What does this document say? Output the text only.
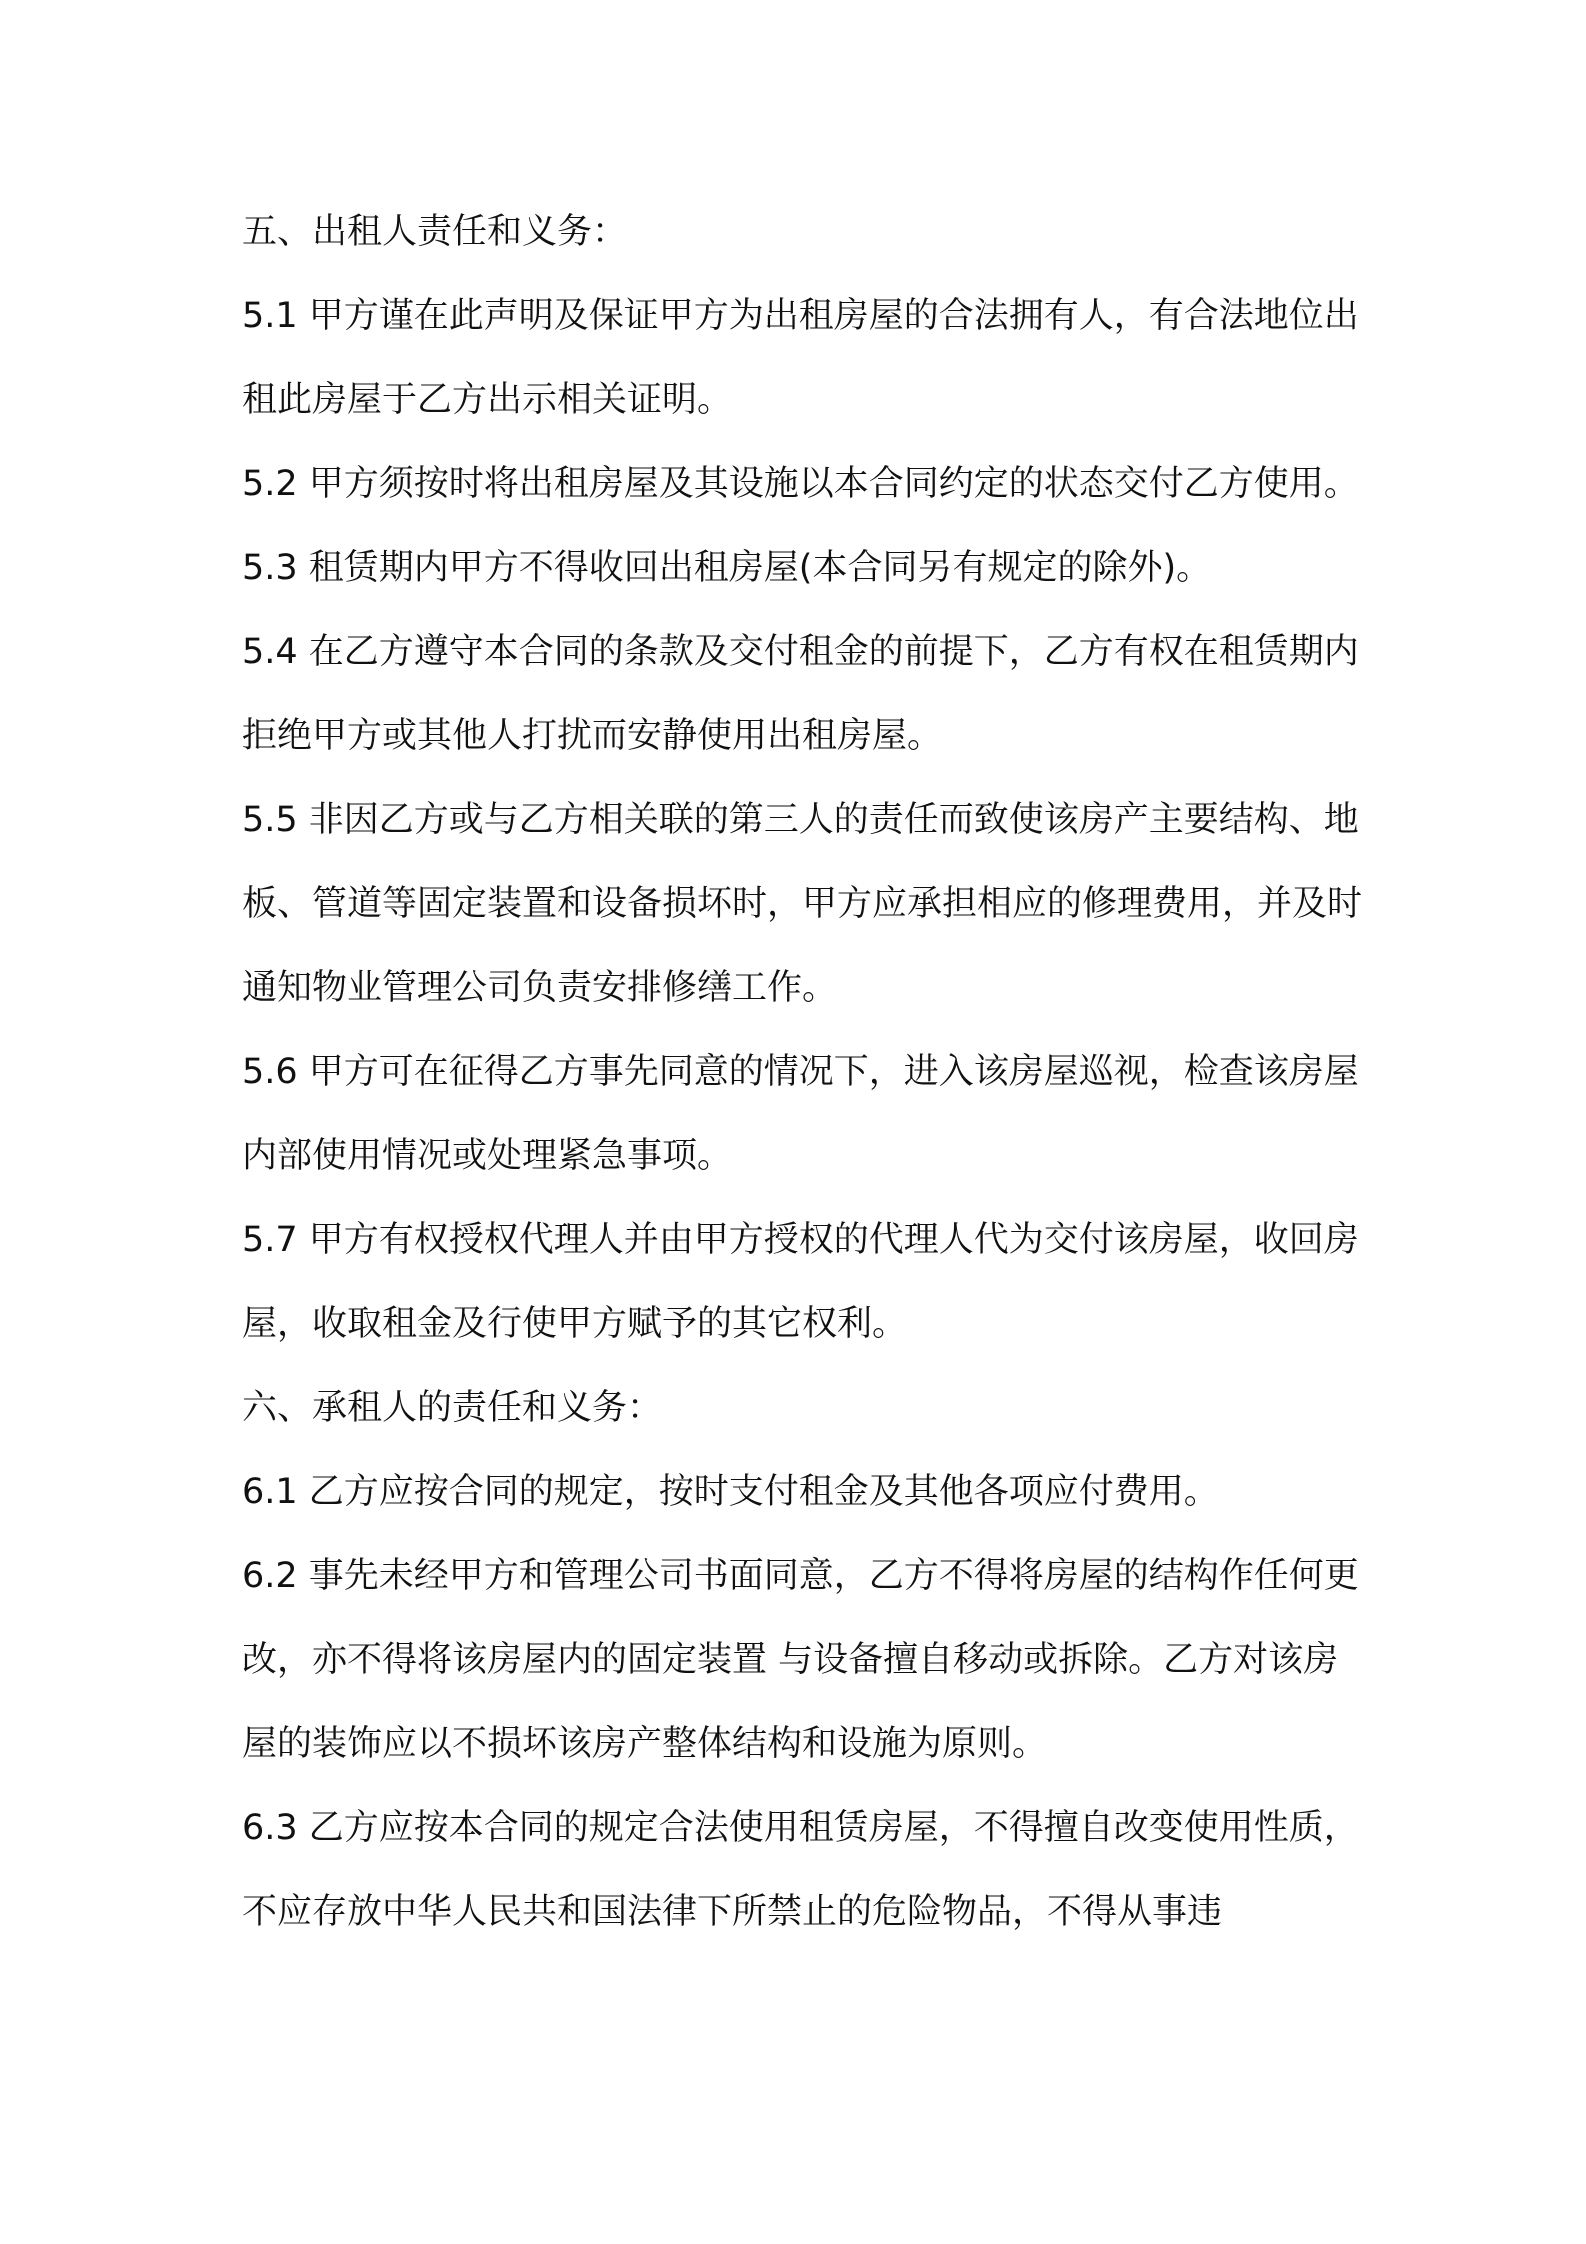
五、出租人责任和义务：

5.1 甲方谨在此声明及保证甲方为出租房屋的合法拥有人，有合法地位出租此房屋于乙方出示相关证明。

5.2 甲方须按时将出租房屋及其设施以本合同约定的状态交付乙方使用。

5.3 租赁期内甲方不得收回出租房屋(本合同另有规定的除外)。

5.4 在乙方遵守本合同的条款及交付租金的前提下，乙方有权在租赁期内拒绝甲方或其他人打扰而安静使用出租房屋。

5.5 非因乙方或与乙方相关联的第三人的责任而致使该房产主要结构、地板、管道等固定装置和设备损坏时，甲方应承担相应的修理费用，并及时通知物业管理公司负责安排修缮工作。

5.6 甲方可在征得乙方事先同意的情况下，进入该房屋巡视，检查该房屋内部使用情况或处理紧急事项。

5.7 甲方有权授权代理人并由甲方授权的代理人代为交付该房屋，收回房屋，收取租金及行使甲方赋予的其它权利。

六、承租人的责任和义务：

6.1 乙方应按合同的规定，按时支付租金及其他各项应付费用。

6.2 事先未经甲方和管理公司书面同意，乙方不得将房屋的结构作任何更改，亦不得将该房屋内的固定装置 与设备擅自移动或拆除。乙方对该房屋的装饰应以不损坏该房产整体结构和设施为原则。

6.3 乙方应按本合同的规定合法使用租赁房屋，不得擅自改变使用性质，不应存放中华人民共和国法律下所禁止的危险物品，不得从事违
